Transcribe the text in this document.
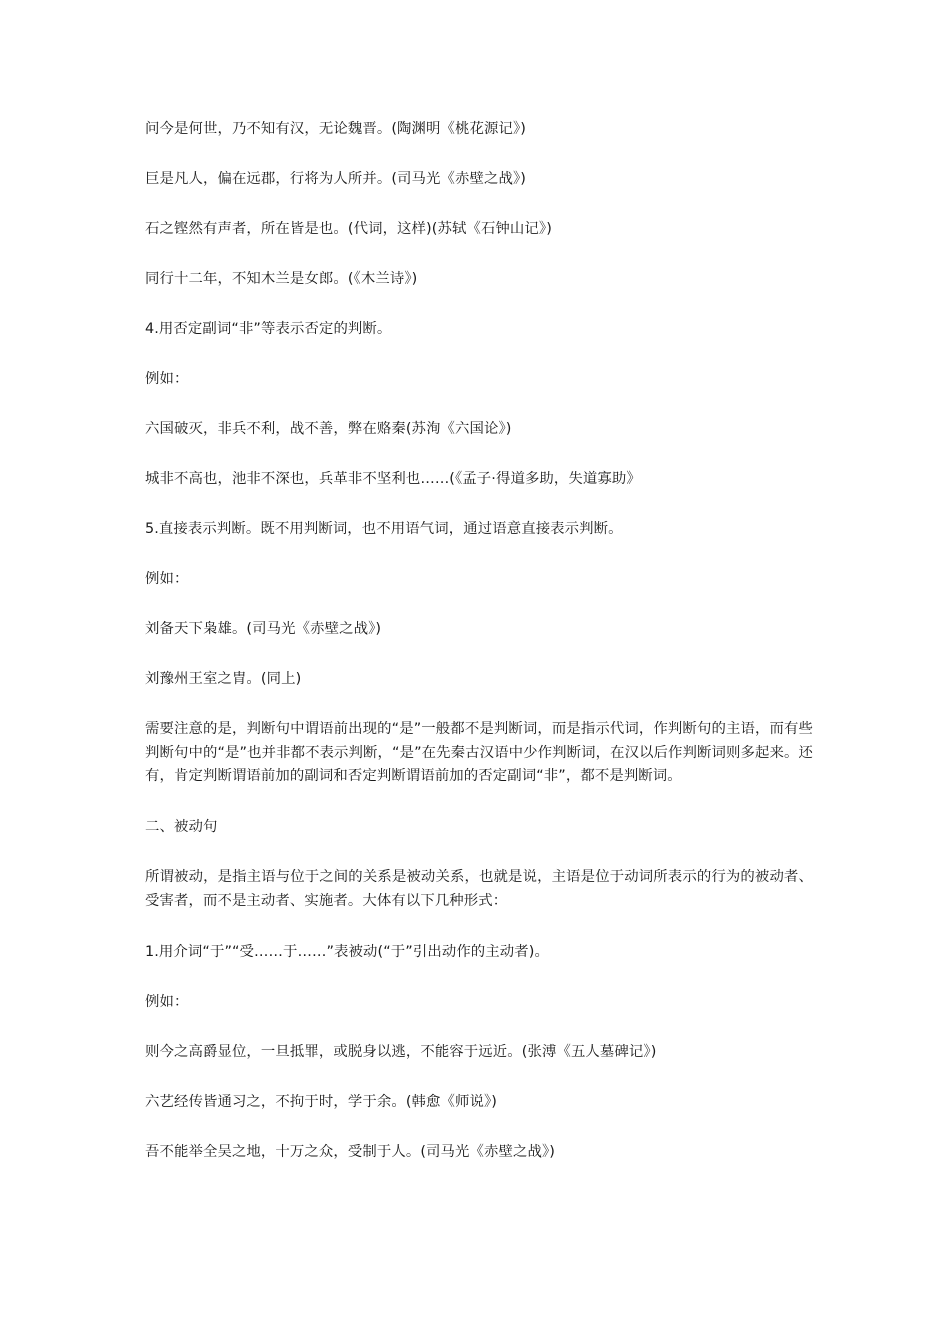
问今是何世，乃不知有汉，无论魏晋。(陶渊明《桃花源记》)

巨是凡人，偏在远郡，行将为人所并。(司马光《赤壁之战》)

石之铿然有声者，所在皆是也。(代词，这样)(苏轼《石钟山记》)

同行十二年，不知木兰是女郎。(《木兰诗》)

4.用否定副词“非”等表示否定的判断。

例如：

六国破灭，非兵不利，战不善，弊在赂秦(苏洵《六国论》)

城非不高也，池非不深也，兵革非不坚利也……(《孟子·得道多助，失道寡助》

5.直接表示判断。既不用判断词，也不用语气词，通过语意直接表示判断。

例如：

刘备天下枭雄。(司马光《赤壁之战》)

刘豫州王室之胄。(同上)

需要注意的是，判断句中谓语前出现的“是”一般都不是判断词，而是指示代词，作判断句的主语，而有些判断句中的“是”也并非都不表示判断，“是”在先秦古汉语中少作判断词，在汉以后作判断词则多起来。还有，肯定判断谓语前加的副词和否定判断谓语前加的否定副词“非”，都不是判断词。

二、被动句

所谓被动，是指主语与位于之间的关系是被动关系，也就是说，主语是位于动词所表示的行为的被动者、受害者，而不是主动者、实施者。大体有以下几种形式：

1.用介词“于”“受……于……”表被动(“于”引出动作的主动者)。

例如：

则今之高爵显位，一旦抵罪，或脱身以逃，不能容于远近。(张溥《五人墓碑记》)

六艺经传皆通习之，不拘于时，学于余。(韩愈《师说》)

吾不能举全吴之地，十万之众，受制于人。(司马光《赤壁之战》)
